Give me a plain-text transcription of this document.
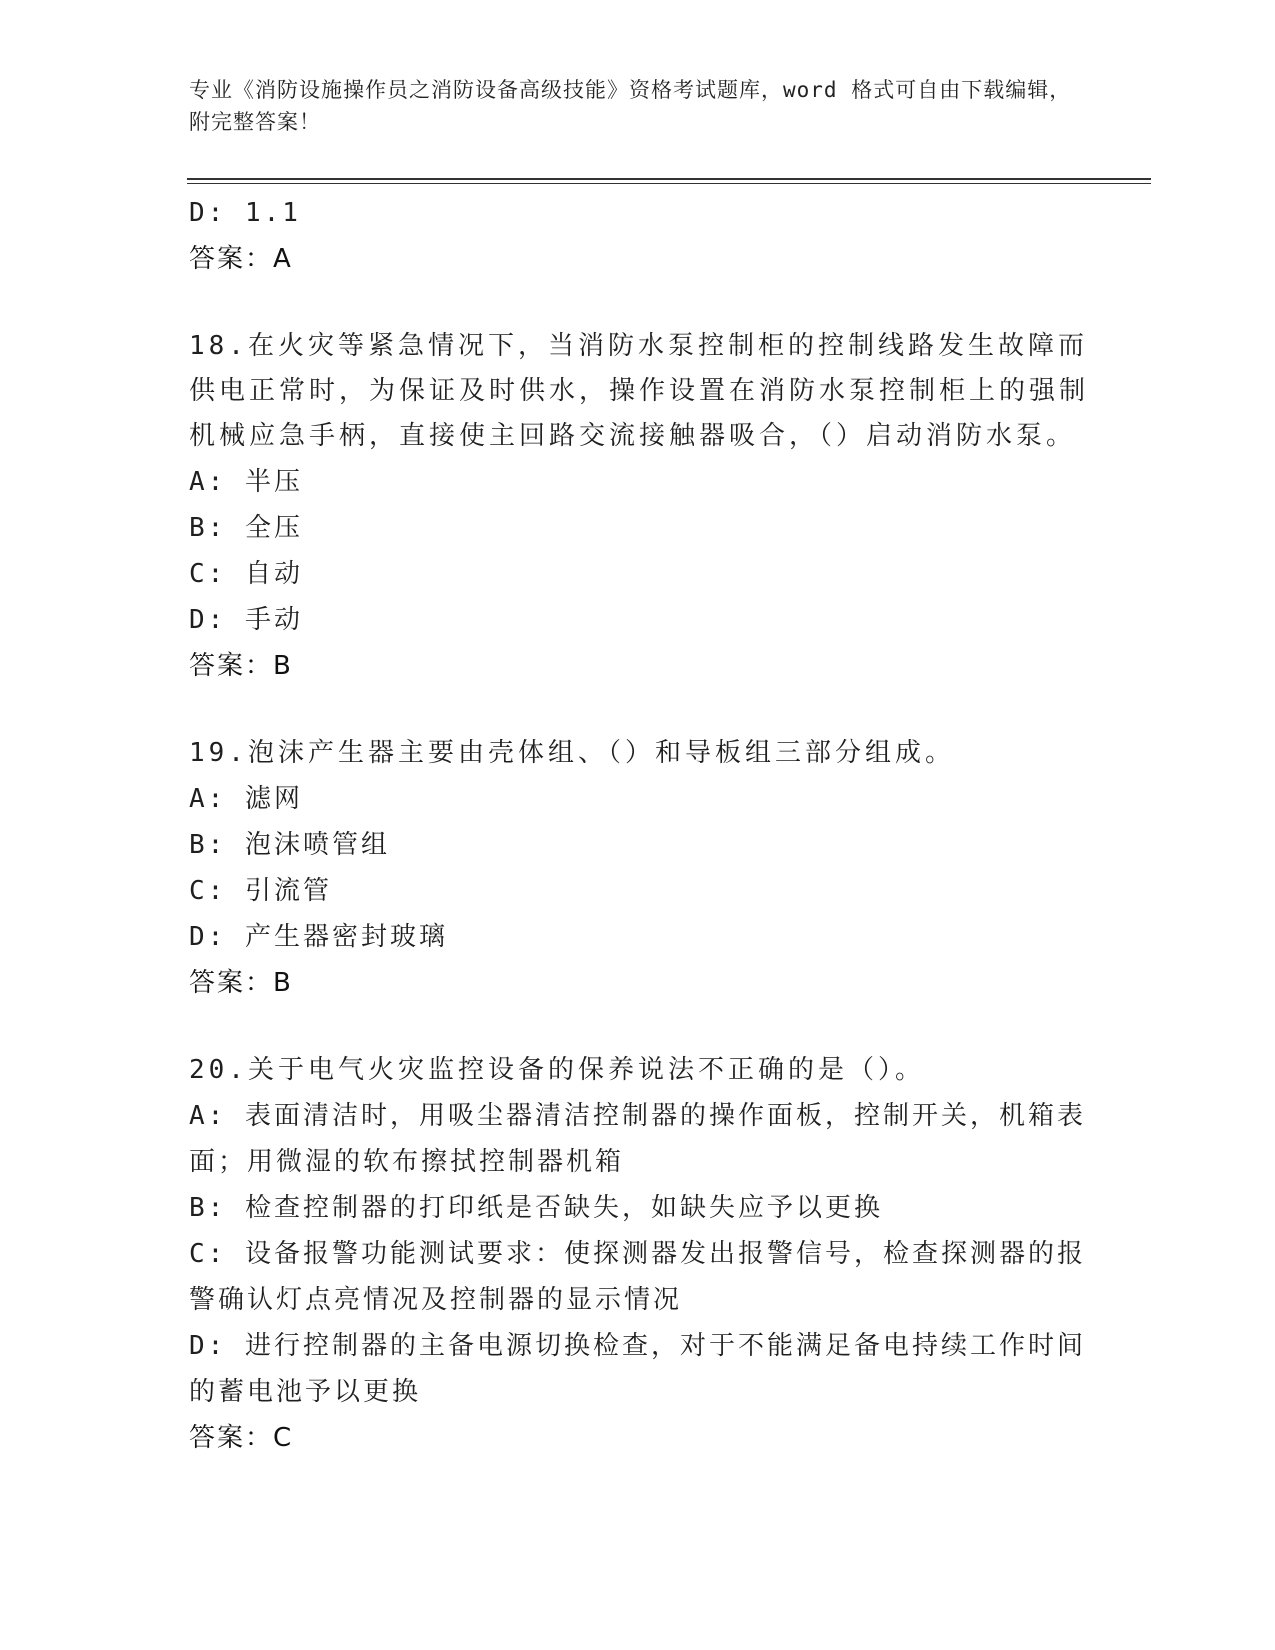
专业《消防设施操作员之消防设备高级技能》资格考试题库，word 格式可自由下载编辑，附完整答案！
D: 1.1
答案：A
18.在火灾等紧急情况下，当消防水泵控制柜的控制线路发生故障而供电正常时，为保证及时供水，操作设置在消防水泵控制柜上的强制机械应急手柄，直接使主回路交流接触器吸合，（）启动消防水泵。
A: 半压
B: 全压
C: 自动
D: 手动
答案：B
19.泡沫产生器主要由壳体组、（）和导板组三部分组成。
A: 滤网
B: 泡沫喷管组
C: 引流管
D: 产生器密封玻璃
答案：B
20.关于电气火灾监控设备的保养说法不正确的是（）。
A: 表面清洁时，用吸尘器清洁控制器的操作面板，控制开关，机箱表面；用微湿的软布擦拭控制器机箱
B: 检查控制器的打印纸是否缺失，如缺失应予以更换
C: 设备报警功能测试要求：使探测器发出报警信号，检查探测器的报警确认灯点亮情况及控制器的显示情况
D: 进行控制器的主备电源切换检查，对于不能满足备电持续工作时间的蓄电池予以更换
答案：C
